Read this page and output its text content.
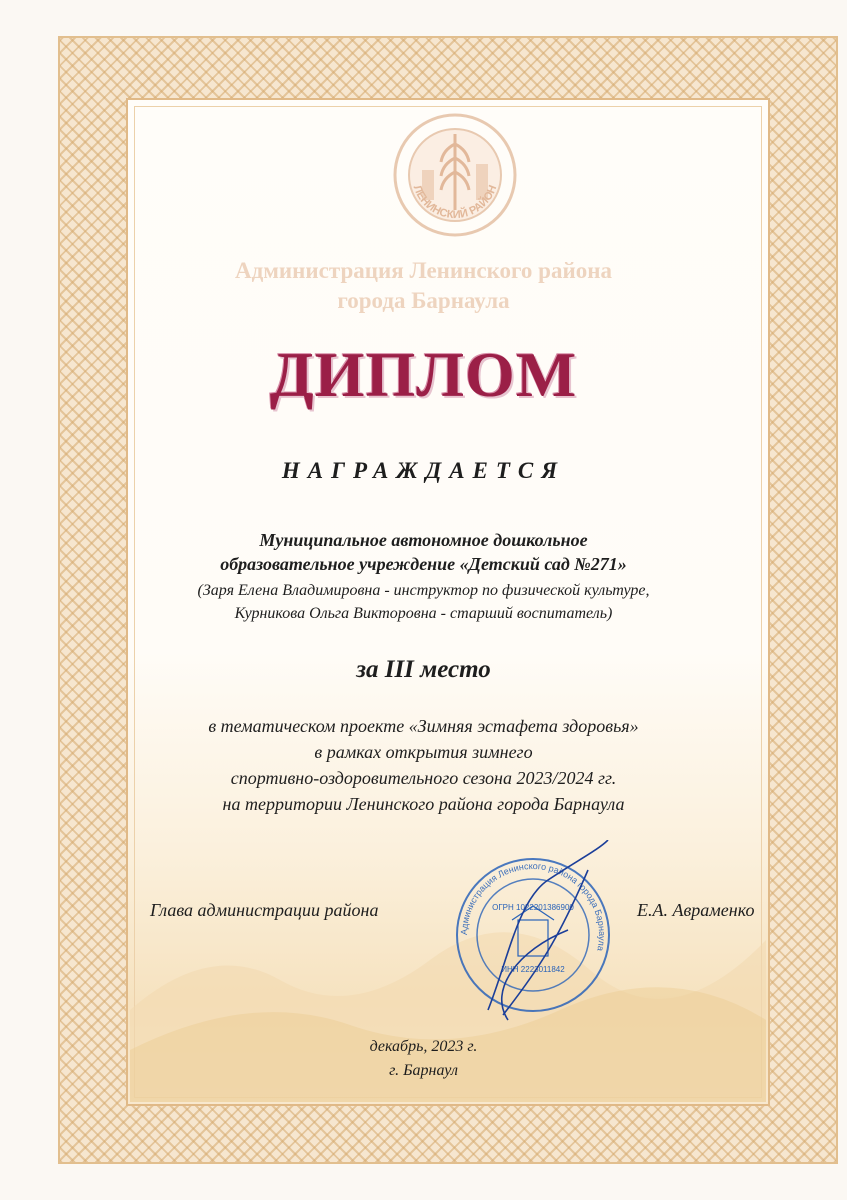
ЛЕНИНСКИЙ РАЙОН
Администрация Ленинского района
города Барнаула
ДИПЛОМ
НАГРАЖДАЕТСЯ
Муниципальное автономное дошкольное
образовательное учреждение «Детский сад №271»
(Заря Елена Владимировна - инструктор по физической культуре,
Курникова Ольга Викторовна - старший воспитатель)
за III место
в тематическом проекте «Зимняя эстафета здоровья»
в рамках открытия зимнего
спортивно-оздоровительного сезона 2023/2024 гг.
на территории Ленинского района города Барнаула
Глава администрации района	Е.А. Авраменко
Администрация Ленинского района города Барнаула
ОГРН 1022201386900
ИНН 2223011842
декабрь, 2023 г.
г. Барнаул
